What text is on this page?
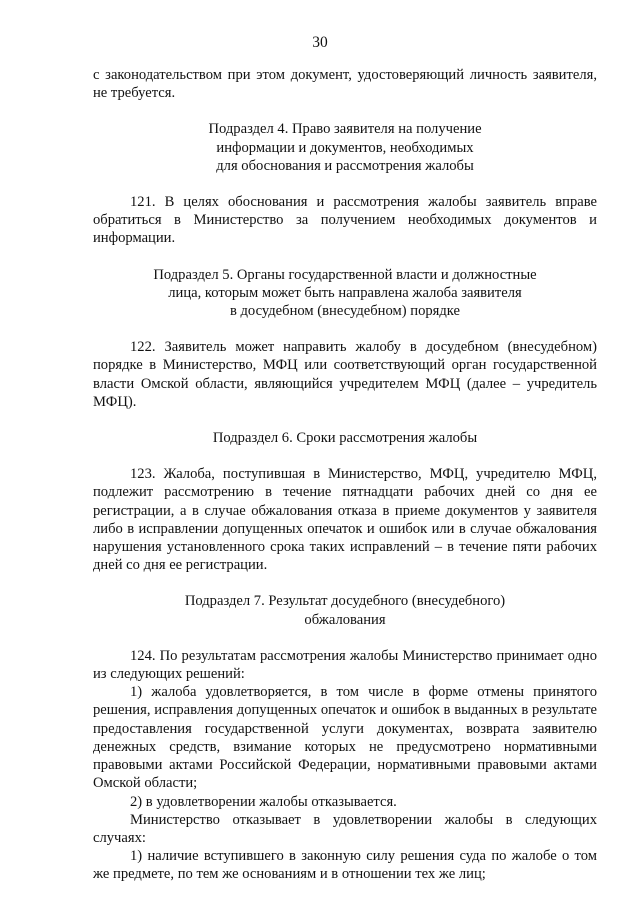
30

с законодательством при этом документ, удостоверяющий личность заявителя, не требуется.

Подраздел 4. Право заявителя на получение
информации и документов, необходимых
для обоснования и рассмотрения жалобы

121. В целях обоснования и рассмотрения жалобы заявитель вправе обратиться в Министерство за получением необходимых документов и информации.

Подраздел 5. Органы государственной власти и должностные
лица, которым может быть направлена жалоба заявителя
в досудебном (внесудебном) порядке

122. Заявитель может направить жалобу в досудебном (внесудебном) порядке в Министерство, МФЦ или соответствующий орган государственной власти Омской области, являющийся учредителем МФЦ (далее – учредитель МФЦ).

Подраздел 6. Сроки рассмотрения жалобы

123. Жалоба, поступившая в Министерство, МФЦ, учредителю МФЦ, подлежит рассмотрению в течение пятнадцати рабочих дней со дня ее регистрации, а в случае обжалования отказа в приеме документов у заявителя либо в исправлении допущенных опечаток и ошибок или в случае обжалования нарушения установленного срока таких исправлений – в течение пяти рабочих дней со дня ее регистрации.

Подраздел 7. Результат досудебного (внесудебного)
обжалования

124. По результатам рассмотрения жалобы Министерство принимает одно из следующих решений:

1) жалоба удовлетворяется, в том числе в форме отмены принятого решения, исправления допущенных опечаток и ошибок в выданных в результате предоставления государственной услуги документах, возврата заявителю денежных средств, взимание которых не предусмотрено нормативными правовыми актами Российской Федерации, нормативными правовыми актами Омской области;

2) в удовлетворении жалобы отказывается.

Министерство отказывает в удовлетворении жалобы в следующих случаях:

1) наличие вступившего в законную силу решения суда по жалобе о том же предмете, по тем же основаниям и в отношении тех же лиц;
